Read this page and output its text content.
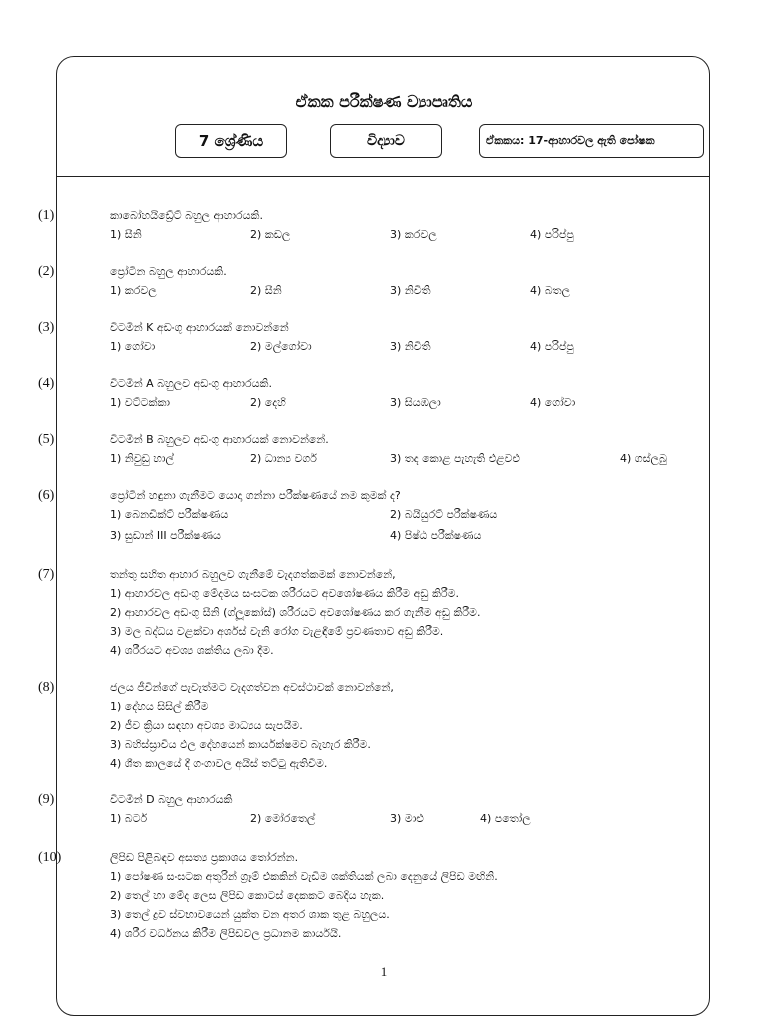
ඒකක පරීක්ෂණ ව්‍යාපෘතිය
7 ශ්‍රේණිය	විද්‍යාව	ඒකකය: 17-ආහාරවල ඇති පෝෂක
(1)	කාබෝහයිඩ්‍රේට් බහුල ආහාරයකි.
1) සීනි	2) කඩල	3) කරවල	4) පරිප්පු
(2)	ප්‍රෝටීන බහුල ආහාරයකි.
1) කරවල	2) සීනි	3) නිවිති	4) බතල
(3)	විටමින් K අඩංගු ආහාරයක් නොවන්නේ
1) ගෝවා	2) මල්ගෝවා	3) නිවිති	4) පරිප්පු
(4)	විටමින් A බහුලව අඩංගු ආහාරයකි.
1) වට්ටක්කා	2) දෙහි	3) සියඹලා	4) ගෝවා
(5)	විටමින් B බහුලව අඩංගු ආහාරයක් නොවන්නේ.
1) නිවුඩු හාල්	2) ධාන්‍ය වර්ග	3) තද කොළ පැහැති එළවළු	4) ගස්ලබු
(6)	ප්‍රෝටීන් හඳුනා ගැනීමට යොදා ගන්නා පරීක්ෂණයේ නම කුමක් ද?
1) බෙනඩික්ට් පරීක්ෂණය	2) බයියුරට් පරීක්ෂණය
3) සුඩාන් III පරීක්ෂණය	4) පිෂ්ඨ පරීක්ෂණය
(7)	තන්තු සහිත ආහාර බහුලව ගැනීමේ වැදගත්කමක් නොවන්නේ,
1) ආහාරවල අඩංගු මේදමය සංඝටක ශරීරයට අවශෝෂණය කිරීම අඩු කිරීම.
2) ආහාරවල අඩංගු සීනි (ග්ලූකෝස්) ශරීරයට අවශෝෂණය කර ගැනීම අඩු කිරීම.
3) මල බද්ධය වළක්වා අර්ශස් වැනි රෝග වැළඳීමේ ප්‍රවණතාව අඩු කිරීම.
4) ශරීරයට අවශ්‍ය ශක්තිය ලබා දීම.
(8)	ජලය ජීවීන්ගේ පැවැත්මට වැදගත්වන අවස්ථාවක් නොවන්නේ,
1) දේහය සිසිල් කිරීම
2) ජීව ක්‍රියා සඳහා අවශ්‍ය මාධ්‍යය සැපයීම.
3) බහිස්ස්‍රාවීය ඵල දේහයෙන් කාර්යක්ෂමව බැහැර කිරීම.
4) ශීත කාලයේ දී ගංගාවල අයිස් තට්ටු ඇතිවීම.
(9)	විටමින් D බහුල ආහාරයකි
1) බටර්	2) මෝරතෙල්	3) මාළු	4) පතෝල
(10)	ලිපිඩ පිළිබඳව අසත්‍ය ප්‍රකාශය තෝරන්න.
1) පෝෂණ සංඝටක අතුරින් ග්‍රෑම් එකකින් වැඩිම ශක්තියක් ලබා දෙනුයේ ලිපිඩ මඟිනි.
2) තෙල් හා මේද ලෙස ලිපිඩ කොටස් දෙකකට බෙදිය හැක.
3) තෙල් ද්‍රව ස්වභාවයෙන් යුක්ත වන අතර ශාක තුළ බහුලය.
4) ශරීර වර්ධනය කිරීම ලිපිඩවල ප්‍රධානම කාර්යයි.
1
